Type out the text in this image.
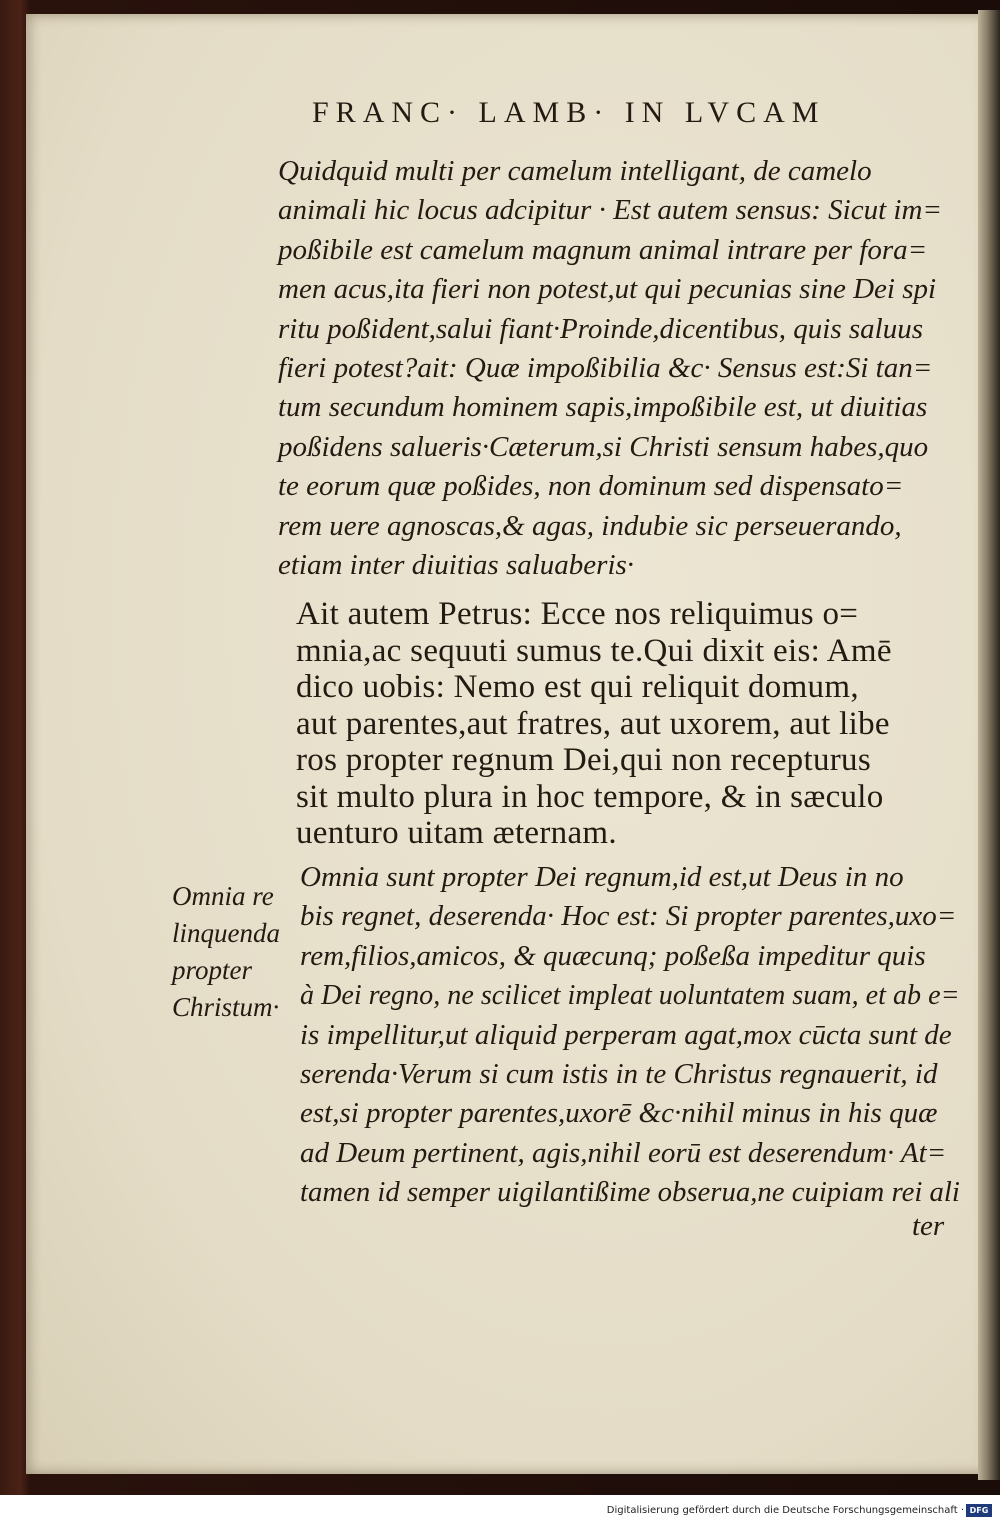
FRANC· LAMB· IN LVCAM
Quidquid multi per camelum intelligant, de camelo
animali hic locus adcipitur · Est autem sensus: Sicut im=
poßibile est camelum magnum animal intrare per fora=
men acus,ita fieri non potest,ut qui pecunias sine Dei spi
ritu poßident,salui fiant·Proinde,dicentibus, quis saluus
fieri potest?ait: Quæ impoßibilia &c· Sensus est:Si tan=
tum secundum hominem sapis,impoßibile est, ut diuitias
poßidens salueris·Cæterum,si Christi sensum habes,quo
te eorum quæ poßides, non dominum sed dispensato=
rem uere agnoscas,& agas, indubie sic perseuerando,
etiam inter diuitias saluaberis·
Ait autem Petrus: Ecce nos reliquimus o=
mnia,ac sequuti sumus te.Qui dixit eis: Amē
dico uobis: Nemo est qui reliquit domum,
aut parentes,aut fratres, aut uxorem, aut libe
ros propter regnum Dei,qui non recepturus
sit multo plura in hoc tempore, & in sæculo
uenturo uitam æternam.
Omnia re
linquenda
propter
Christum·
Omnia sunt propter Dei regnum,id est,ut Deus in no
bis regnet, deserenda· Hoc est: Si propter parentes,uxo=
rem,filios,amicos, & quæcunq; poßeßa impeditur quis
à Dei regno, ne scilicet impleat uoluntatem suam, et ab e=
is impellitur,ut aliquid perperam agat,mox cūcta sunt de
serenda·Verum si cum istis in te Christus regnauerit, id
est,si propter parentes,uxorē &c·nihil minus in his quæ
ad Deum pertinent, agis,nihil eorū est deserendum· At=
tamen id semper uigilantißime obserua,ne cuipiam rei ali
ter
Digitalisierung gefördert durch die Deutsche Forschungsgemeinschaft · DFG
